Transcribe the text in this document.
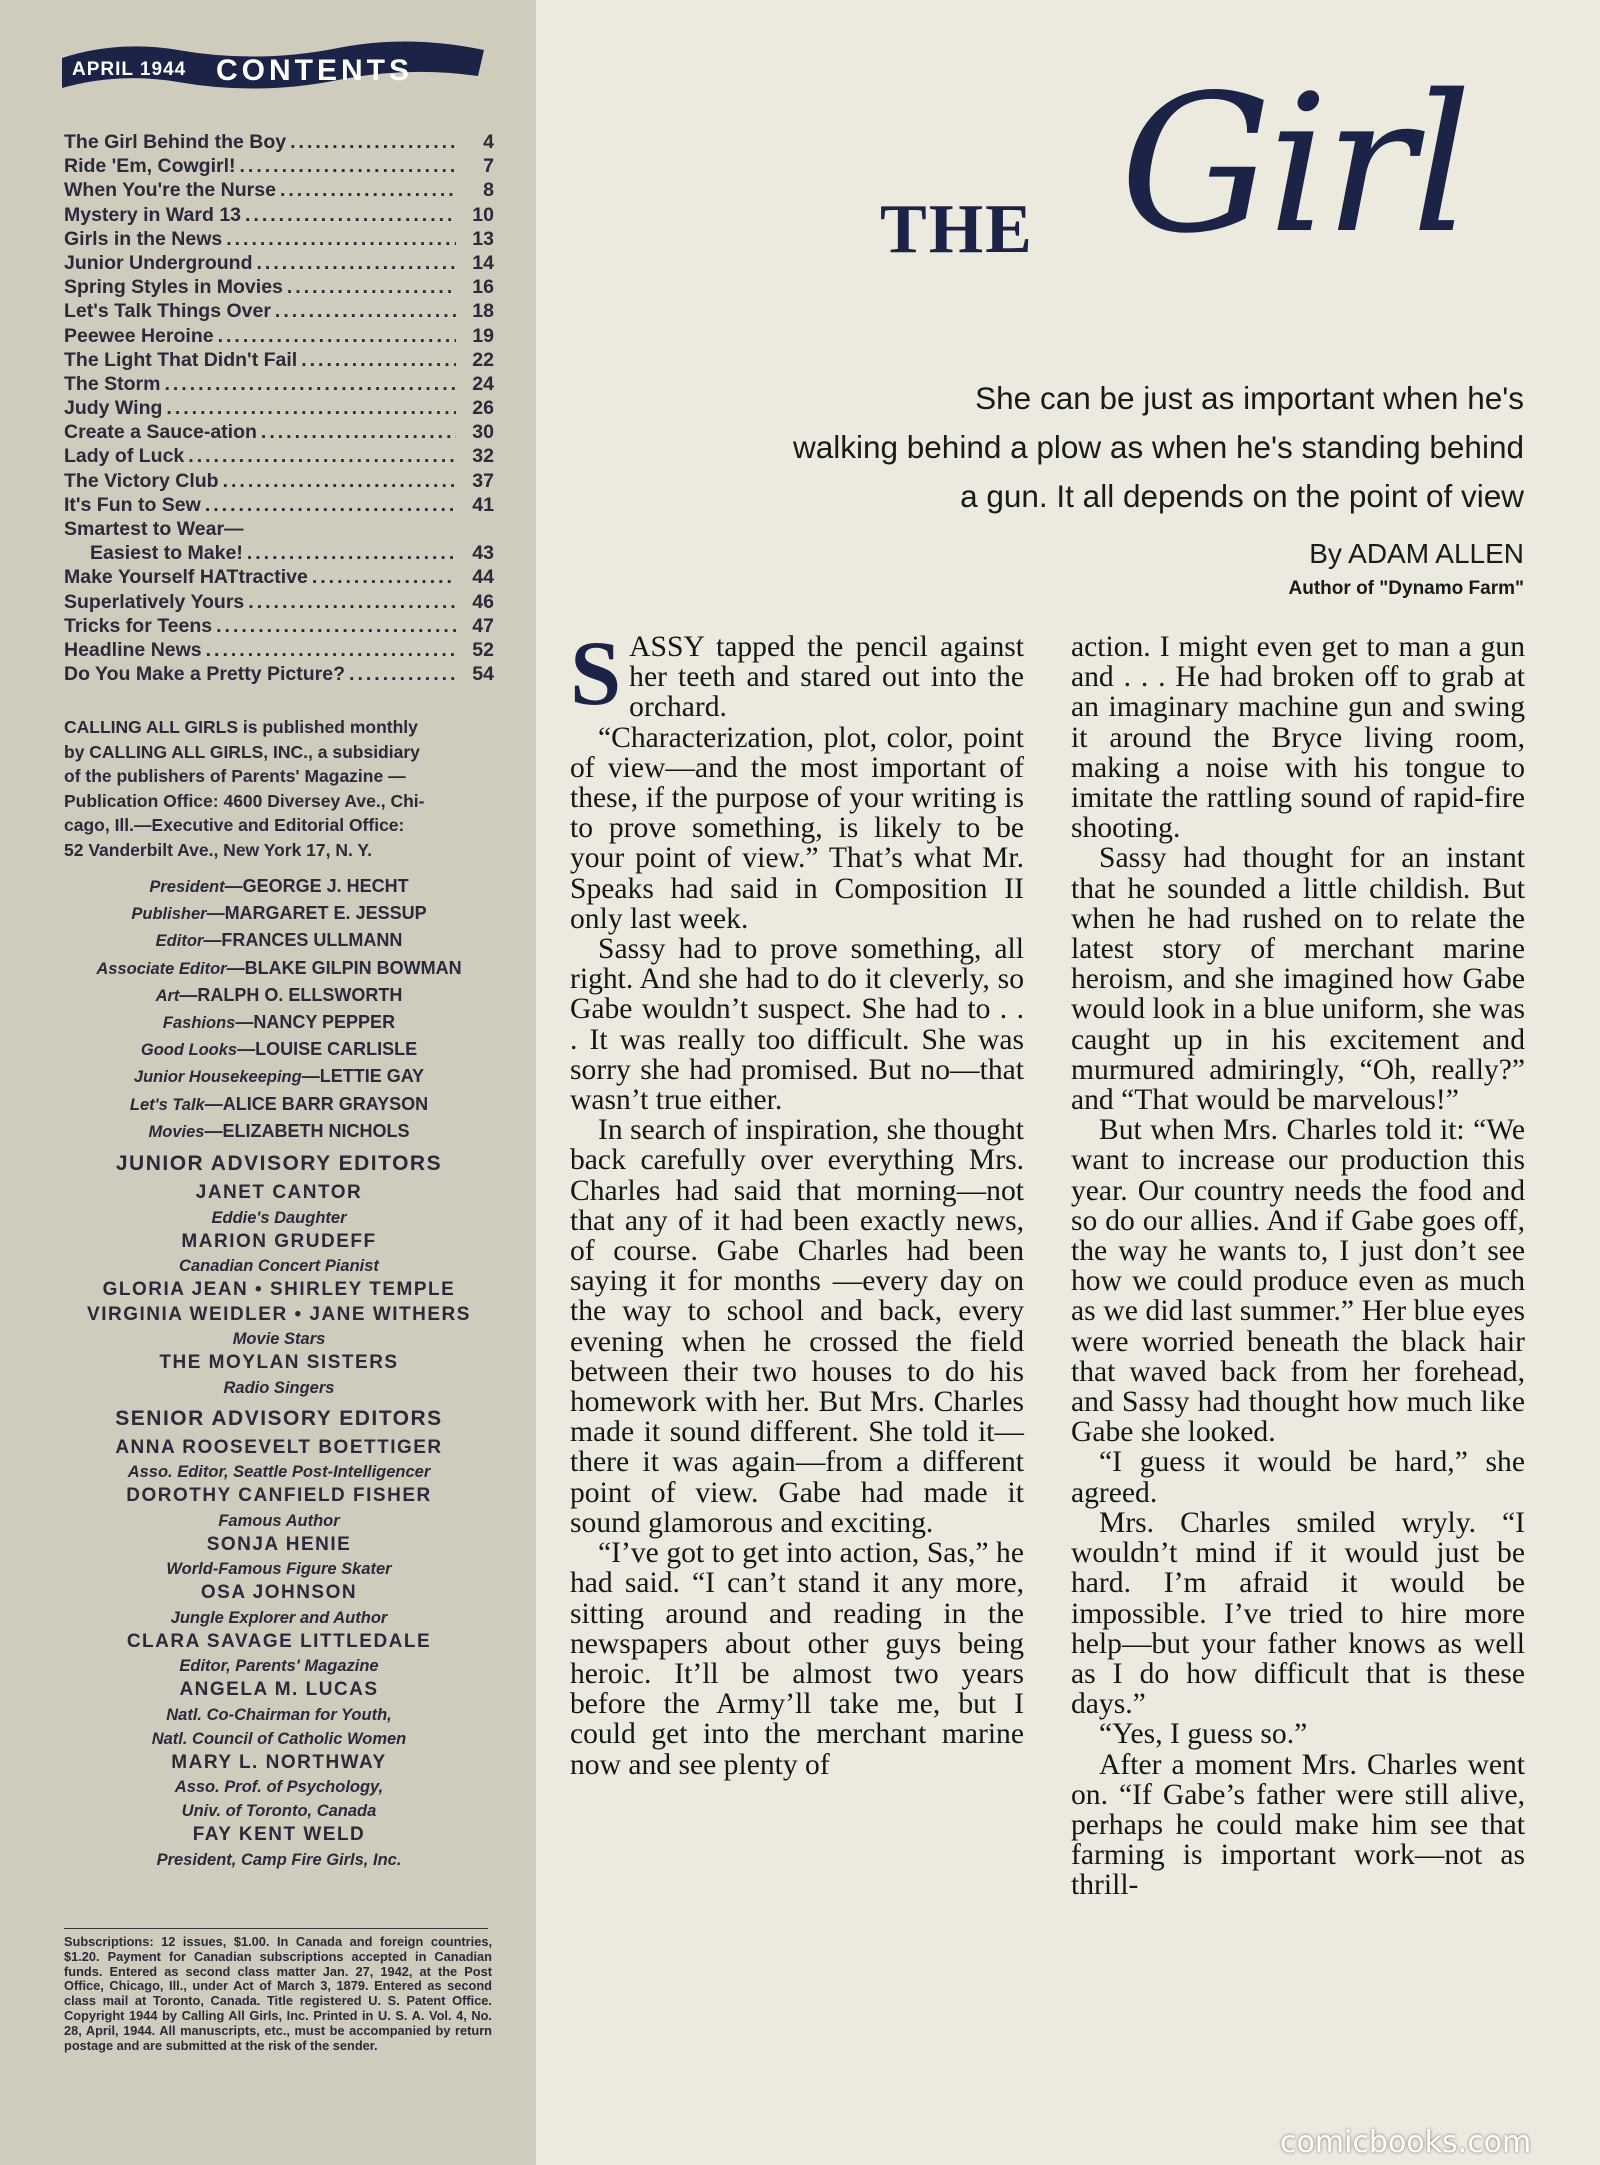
APRIL 1944 CONTENTS
The Girl Behind the Boy .....	4
Ride 'Em, Cowgirl! .....	7
When You're the Nurse .....	8
Mystery in Ward 13 .....	10
Girls in the News .....	13
Junior Underground .....	14
Spring Styles in Movies .....	16
Let's Talk Things Over .....	18
Peewee Heroine .....	19
The Light That Didn't Fail .....	22
The Storm .....	24
Judy Wing .....	26
Create a Sauce-ation .....	30
Lady of Luck .....	32
The Victory Club .....	37
It's Fun to Sew .....	41
Smartest to Wear—
Easiest to Make! .....	43
Make Yourself HATtractive .....	44
Superlatively Yours .....	46
Tricks for Teens .....	47
Headline News .....	52
Do You Make a Pretty Picture? .....	54
CALLING ALL GIRLS is published monthly
by CALLING ALL GIRLS, INC., a subsidiary
of the publishers of Parents' Magazine —
Publication Office: 4600 Diversey Ave., Chi-
cago, Ill.—Executive and Editorial Office:
52 Vanderbilt Ave., New York 17, N. Y.
President—GEORGE J. HECHT
Publisher—MARGARET E. JESSUP
Editor—FRANCES ULLMANN
Associate Editor—BLAKE GILPIN BOWMAN
Art—RALPH O. ELLSWORTH
Fashions—NANCY PEPPER
Good Looks—LOUISE CARLISLE
Junior Housekeeping—LETTIE GAY
Let's Talk—ALICE BARR GRAYSON
Movies—ELIZABETH NICHOLS
JUNIOR ADVISORY EDITORS
JANET CANTOR
Eddie's Daughter
MARION GRUDEFF
Canadian Concert Pianist
GLORIA JEAN • SHIRLEY TEMPLE
VIRGINIA WEIDLER • JANE WITHERS
Movie Stars
THE MOYLAN SISTERS
Radio Singers
SENIOR ADVISORY EDITORS
ANNA ROOSEVELT BOETTIGER
Asso. Editor, Seattle Post-Intelligencer
DOROTHY CANFIELD FISHER
Famous Author
SONJA HENIE
World-Famous Figure Skater
OSA JOHNSON
Jungle Explorer and Author
CLARA SAVAGE LITTLEDALE
Editor, Parents' Magazine
ANGELA M. LUCAS
Natl. Co-Chairman for Youth,
Natl. Council of Catholic Women
MARY L. NORTHWAY
Asso. Prof. of Psychology,
Univ. of Toronto, Canada
FAY KENT WELD
President, Camp Fire Girls, Inc.
Subscriptions: 12 issues, $1.00. In Canada and foreign countries, $1.20. Payment for Canadian subscriptions accepted in Canadian funds. Entered as second class matter Jan. 27, 1942, at the Post Office, Chicago, Ill., under Act of March 3, 1879. Entered as second class mail at Toronto, Canada. Title registered U. S. Patent Office. Copyright 1944 by Calling All Girls, Inc. Printed in U. S. A. Vol. 4, No. 28, April, 1944. All manuscripts, etc., must be accompanied by return postage and are submitted at the risk of the sender.
THE Girl
She can be just as important when he's
walking behind a plow as when he's standing behind
a gun. It all depends on the point of view
By ADAM ALLEN
Author of "Dynamo Farm"

SASSY tapped the pencil against her teeth and stared out into the orchard.

“Characterization, plot, color, point of view—and the most important of these, if the purpose of your writing is to prove something, is likely to be your point of view.” That’s what Mr. Speaks had said in Composition II only last week.

Sassy had to prove something, all right. And she had to do it cleverly, so Gabe wouldn’t suspect. She had to . . . It was really too difficult. She was sorry she had promised. But no—that wasn’t true either.

In search of inspiration, she thought back carefully over everything Mrs. Charles had said that morning—not that any of it had been exactly news, of course. Gabe Charles had been saying it for months —every day on the way to school and back, every evening when he crossed the field between their two houses to do his homework with her. But Mrs. Charles made it sound different. She told it—there it was again—from a different point of view. Gabe had made it sound glamorous and exciting.

“I’ve got to get into action, Sas,” he had said. “I can’t stand it any more, sitting around and reading in the newspapers about other guys being heroic. It’ll be almost two years before the Army’ll take me, but I could get into the merchant marine now and see plenty of

action. I might even get to man a gun and . . . He had broken off to grab at an imaginary machine gun and swing it around the Bryce living room, making a noise with his tongue to imitate the rattling sound of rapid-fire shooting.

Sassy had thought for an instant that he sounded a little childish. But when he had rushed on to relate the latest story of merchant marine heroism, and she imagined how Gabe would look in a blue uniform, she was caught up in his excitement and murmured admiringly, “Oh, really?” and “That would be marvelous!”

But when Mrs. Charles told it: “We want to increase our production this year. Our country needs the food and so do our allies. And if Gabe goes off, the way he wants to, I just don’t see how we could produce even as much as we did last summer.” Her blue eyes were worried beneath the black hair that waved back from her forehead, and Sassy had thought how much like Gabe she looked.

“I guess it would be hard,” she agreed.

Mrs. Charles smiled wryly. “I wouldn’t mind if it would just be hard. I’m afraid it would be impossible. I’ve tried to hire more help—but your father knows as well as I do how difficult that is these days.”

“Yes, I guess so.”

After a moment Mrs. Charles went on. “If Gabe’s father were still alive, perhaps he could make him see that farming is important work—not as thrill-

comicbooks.com
